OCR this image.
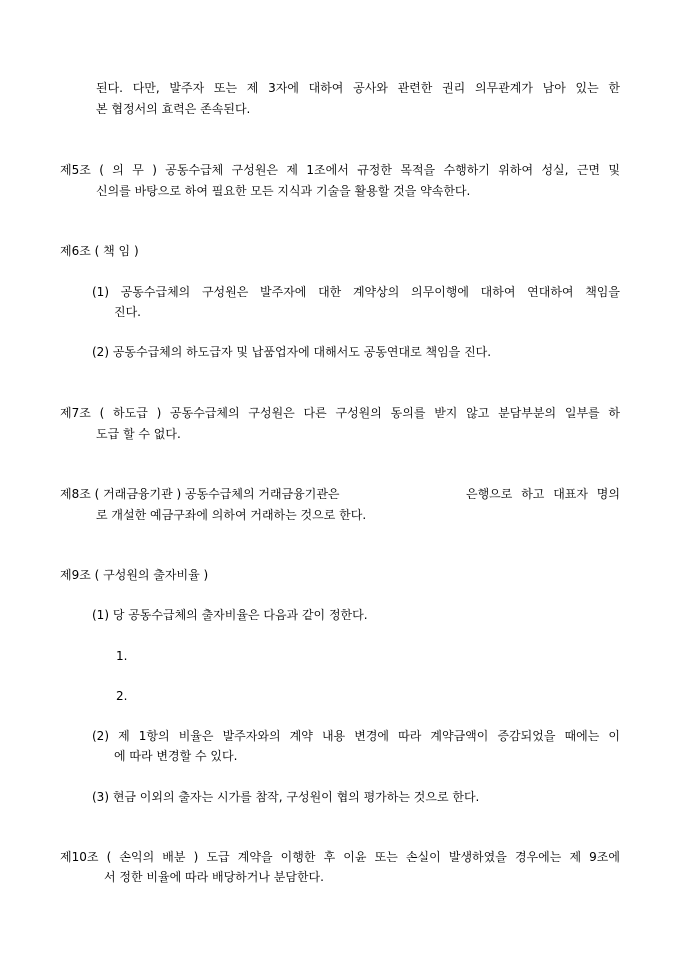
된다. 다만, 발주자 또는 제 3자에 대하여 공사와 관련한 권리 의무관계가 남아 있는 한
본 협정서의 효력은 존속된다.
제5조 ( 의 무 ) 공동수급체 구성원은 제 1조에서 규정한 목적을 수행하기 위하여 성실, 근면 및
신의를 바탕으로 하여 필요한 모든 지식과 기술을 활용할 것을 약속한다.
제6조 ( 책 임 )
(1) 공동수급체의 구성원은 발주자에 대한 계약상의 의무이행에 대하여 연대하여 책임을
진다.
(2) 공동수급체의 하도급자 및 납품업자에 대해서도 공동연대로 책임을 진다.
제7조 ( 하도급 ) 공동수급체의 구성원은 다른 구성원의 동의를 받지 않고 분담부분의 일부를 하
도급 할 수 없다.
제8조 ( 거래금융기관 ) 공동수급체의 거래금융기관은	은행으로 하고 대표자 명의
로 개설한 예금구좌에 의하여 거래하는 것으로 한다.
제9조 ( 구성원의 출자비율 )
(1) 당 공동수급체의 출자비율은 다음과 같이 정한다.
1.
2.
(2) 제 1항의 비율은 발주자와의 계약 내용 변경에 따라 계약금액이 증감되었을 때에는 이
에 따라 변경할 수 있다.
(3) 현금 이외의 출자는 시가를 참작, 구성원이 협의 평가하는 것으로 한다.
제10조 ( 손익의 배분 ) 도급 계약을 이행한 후 이윤 또는 손실이 발생하였을 경우에는 제 9조에
서 정한 비율에 따라 배당하거나 분담한다.
